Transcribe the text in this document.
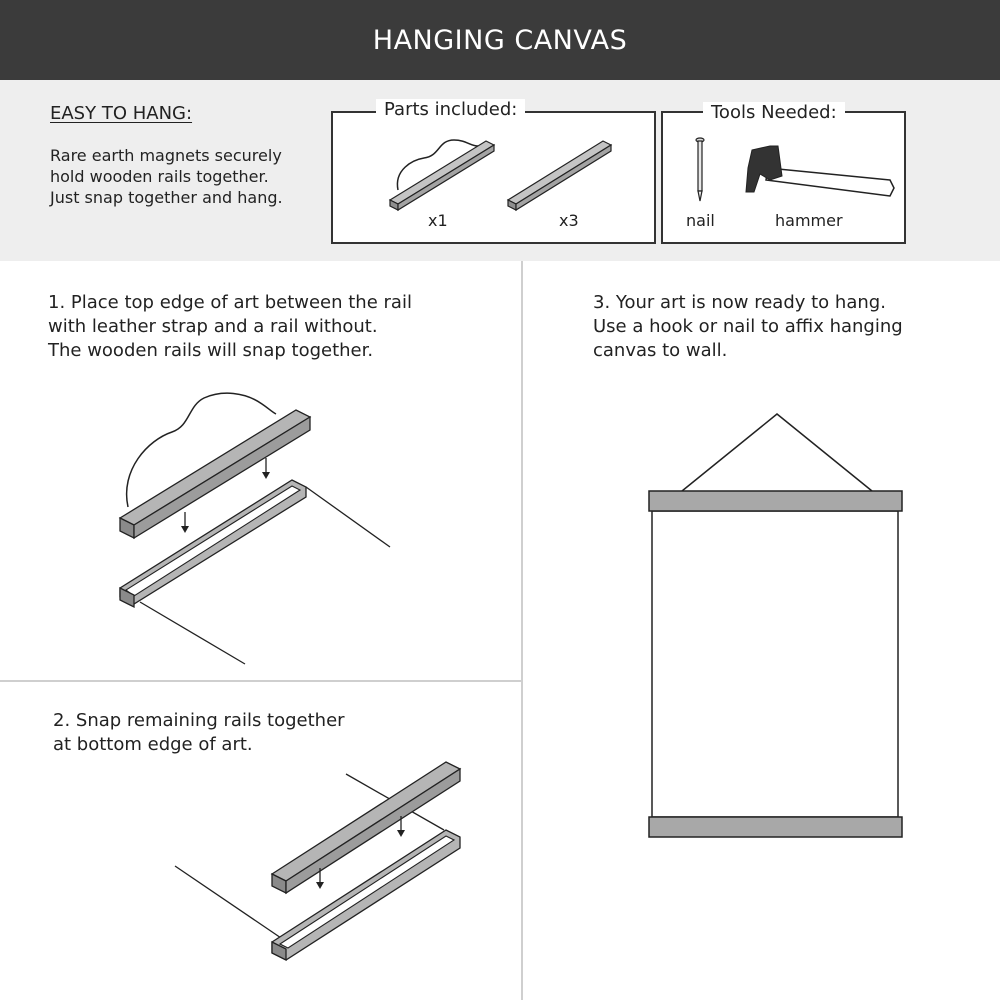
HANGING CANVAS
EASY TO HANG:
Rare earth magnets securely
hold wooden rails together.
Just snap together and hang.
Parts included:
x1	x3
Tools Needed:
nail	hammer
1. Place top edge of art between the rail
with leather strap and a rail without.
The wooden rails will snap together.
2. Snap remaining rails together
at bottom edge of art.
3. Your art is now ready to hang.
Use a hook or nail to affix hanging
canvas to wall.
